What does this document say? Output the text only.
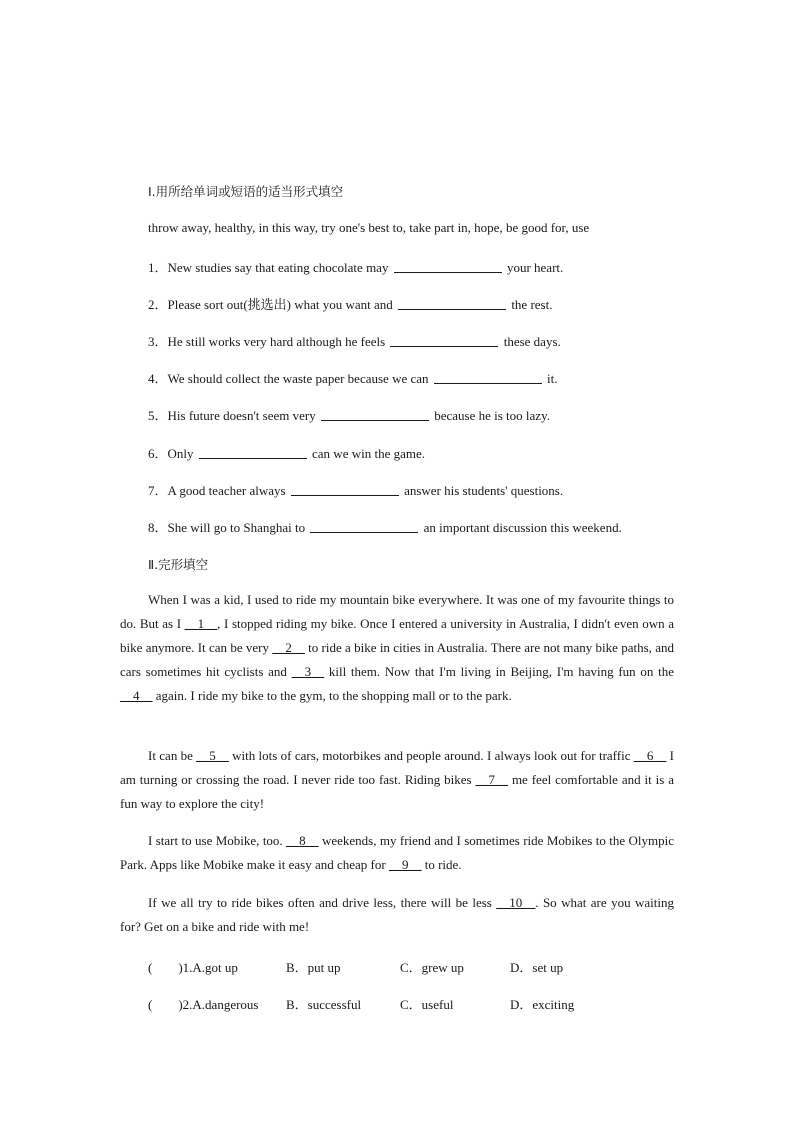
Ⅰ.用所给单词或短语的适当形式填空
throw away, healthy, in this way, try one's best to, take part in, hope, be good for, use
1．New studies say that eating chocolate may	your heart.
2．Please sort out(挑选出) what you want and	the rest.
3．He still works very hard although he feels	these days.
4．We should collect the waste paper because we can	it.
5．His future doesn't seem very	because he is too lazy.
6．Only	can we win the game.
7．A good teacher always	answer his students' questions.
8．She will go to Shanghai to	an important discussion this weekend.
Ⅱ.完形填空
When I was a kid, I used to ride my mountain bike everywhere. It was one of my favourite things to do. But as I __1__, I stopped riding my bike. Once I entered a university in Australia, I didn't even own a bike anymore. It can be very __2__ to ride a bike in cities in Australia. There are not many bike paths, and cars sometimes hit cyclists and __3__ kill them. Now that I'm living in Beijing, I'm having fun on the __4__ again. I ride my bike to the gym, to the shopping mall or to the park.
It can be __5__ with lots of cars, motorbikes and people around. I always look out for traffic __6__ I am turning or crossing the road. I never ride too fast. Riding bikes __7__ me feel comfortable and it is a fun way to explore the city!
I start to use Mobike, too. __8__ weekends, my friend and I sometimes ride Mobikes to the Olympic Park. Apps like Mobike make it easy and cheap for __9__ to ride.
If we all try to ride bikes often and drive less, there will be less __10__. So what are you waiting for? Get on a bike and ride with me!
(　　)1.A.got up	B．put up	C．grew up	D．set up
(　　)2.A.dangerous B．successful	C．useful	D．exciting
